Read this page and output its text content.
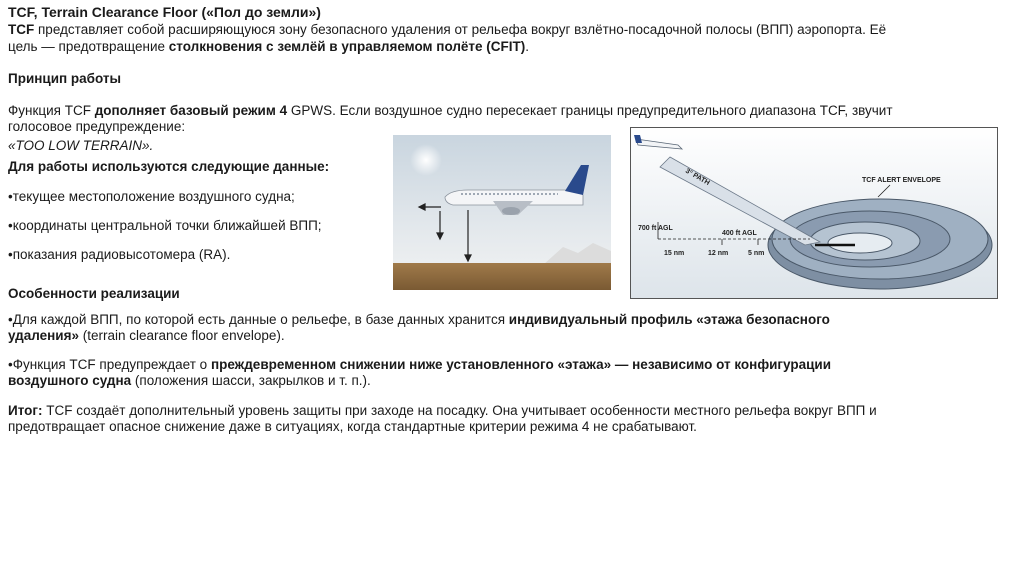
TCF, Terrain Clearance Floor («Пол до земли»)

TCF представляет собой расширяющуюся зону безопасного удаления от рельефа вокруг взлётно-посадочной полосы (ВПП) аэропорта. Её

цель — предотвращение столкновения с землёй в управляемом полёте (CFIT).

Принцип работы

Функция TCF дополняет базовый режим 4 GPWS. Если воздушное судно пересекает границы предупредительного диапазона TCF, звучит

голосовое предупреждение:

«TOO LOW TERRAIN».

Для работы используются следующие данные:

•текущее местоположение воздушного судна;

•координаты центральной точки ближайшей ВПП;

•показания радиовысотомера (RA).

Особенности реализации

•Для каждой ВПП, по которой есть данные о рельефе, в базе данных хранится индивидуальный профиль «этажа безопасного

удаления» (terrain clearance floor envelope).

•Функция TCF предупреждает о преждевременном снижении ниже установленного «этажа» — независимо от конфигурации

воздушного судна (положения шасси, закрылков и т. п.).

Итог: TCF создаёт дополнительный уровень защиты при заходе на посадку. Она учитывает особенности местного рельефа вокруг ВПП и

предотвращает опасное снижение даже в ситуациях, когда стандартные критерии режима 4 не срабатывают.

3° PATH	TCF ALERT ENVELOPE
700 ft AGL
400 ft AGL
15 nm	12 nm	5 nm
